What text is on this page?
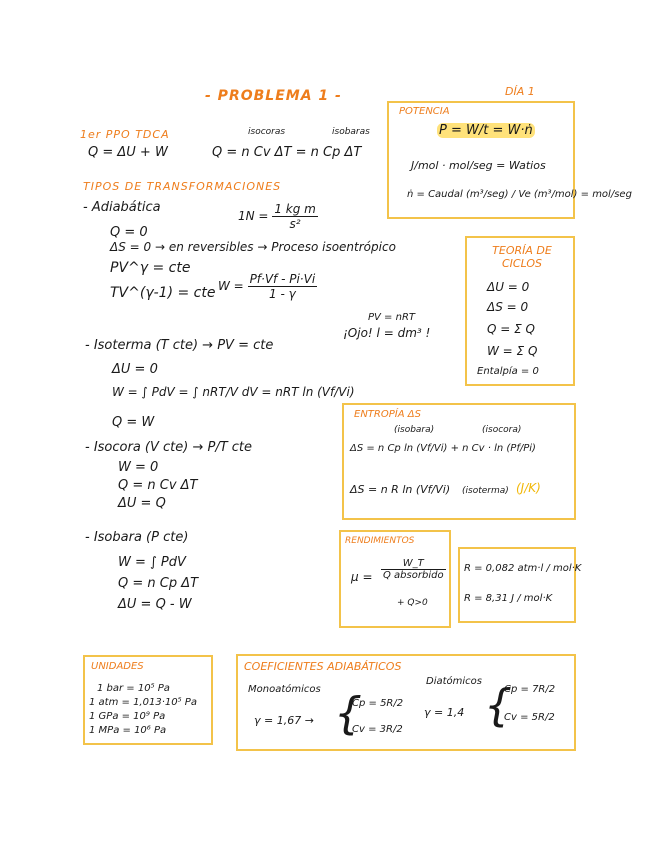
- PROBLEMA 1 -	DÍA 1
1er PPO TDCA
Q = ΔU + W
isocoras	isobaras
Q = n Cv ΔT = n Cp ΔT
TIPOS DE TRANSFORMACIONES
- Adiabática
$1N = \frac{\text{1 kg m}}{\text{s²}}$
Q = 0
ΔS = 0 → en reversibles → Proceso isoentrópico
PV^γ = cte
TV^(γ-1) = cte $W = \frac{Pf\cdot Vf - Pi\cdot Vi}{1 - \gamma}$
PV = nRT
¡Ojo! l = dm³ !
- Isoterma (T cte) → PV = cte
ΔU = 0
W = ∫ PdV = ∫ nRT/V dV = nRT ln (Vf/Vi)
Q = W
- Isocora (V cte) → P/T cte
W = 0
Q = n Cv ΔT
ΔU = Q
- Isobara (P cte)
W = ∫ PdV
Q = n Cp ΔT
ΔU = Q - W
POTENCIA
P = W/t = W·ṅ
J/mol · mol/seg = Watios
ṅ = Caudal (m³/seg) / Ve (m³/mol) = mol/seg
TEORÍA DE CICLOS
ΔU = 0
ΔS = 0
Q = Σ Q
W = Σ Q
Entalpía = 0
ENTROPÍA ΔS
(isobara)	(isocora)
ΔS = n Cp ln (Vf/Vi) + n Cv · ln (Pf/Pi)
ΔS = n R ln (Vf/Vi) (isoterma) (J/K)
RENDIMIENTOS
$\mu = \frac{W\_T}{\text{Q absorbido}}$
+ Q>0
R = 0,082 atm·l / mol·K
R = 8,31 J / mol·K
UNIDADES
1 bar = 10⁵ Pa
1 atm = 1,013·10⁵ Pa
1 GPa = 10⁹ Pa
1 MPa = 10⁶ Pa
COEFICIENTES ADIABÁTICOS
Monoatómicos
Diatómicos
γ = 1,67 → {
Cp = 5R/2
Cv = 3R/2
γ = 1,4 {
Cp = 7R/2
Cv = 5R/2
